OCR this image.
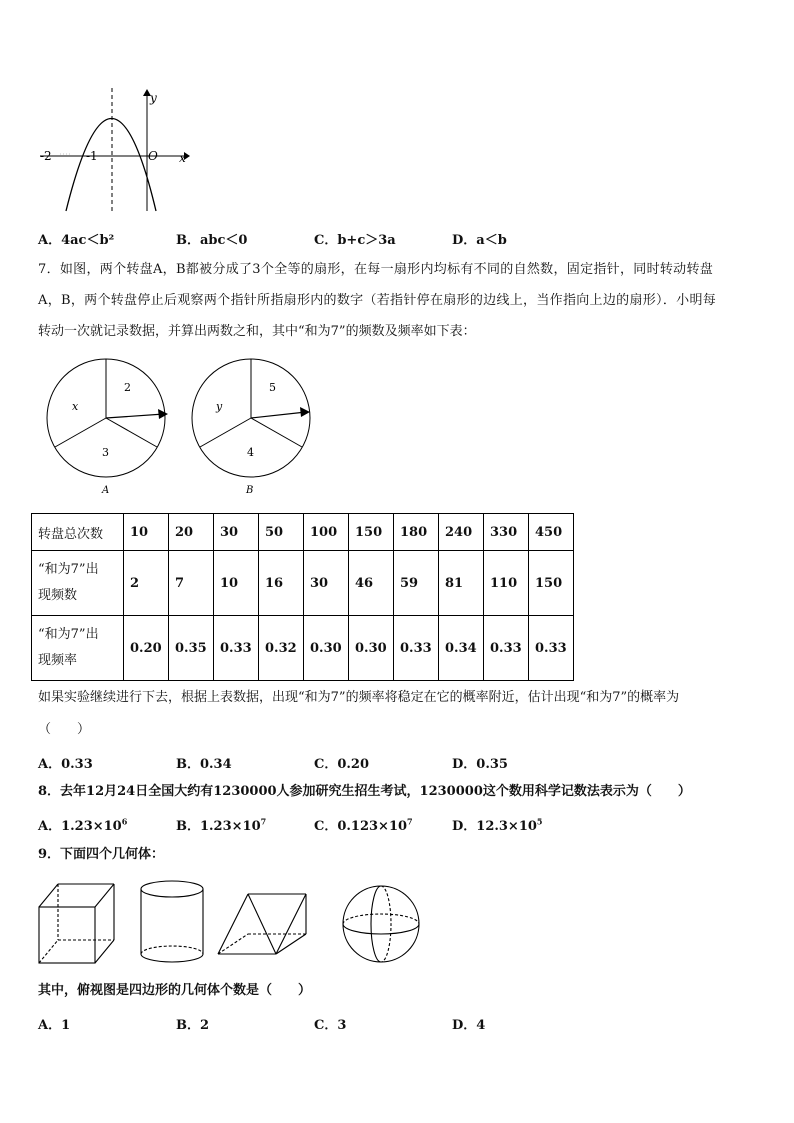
y
x
O
-2	-1
A．4ac＜b²	B．abc＜0	C．b+c＞3a	D．a＜b
7．如图，两个转盘A，B都被分成了3个全等的扇形，在每一扇形内均标有不同的自然数，固定指针，同时转动转盘
A，B，两个转盘停止后观察两个指针所指扇形内的数字（若指针停在扇形的边线上，当作指向上边的扇形）．小明每
转动一次就记录数据，并算出两数之和，其中“和为7”的频数及频率如下表：
2
x
3
A
5
y
4
B
转盘总次数	10	20	30	50	100	150	180	240	330	450
“和为7”出
现频数	2	7	10	16	30	46	59	81	110	150
“和为7”出
现频率	0.20	0.35	0.33	0.32	0.30	0.30	0.33	0.34	0.33	0.33
如果实验继续进行下去，根据上表数据，出现“和为7”的频率将稳定在它的概率附近，估计出现“和为7”的概率为
（　　）
A．0.33	B．0.34	C．0.20	D．0.35
8．去年12月24日全国大约有1230000人参加研究生招生考试，1230000这个数用科学记数法表示为（　　）
A．$1.23\times 10^6$	B．$1.23\times 10^7$	C．$0.123\times 10^7$	D．$12.3\times 10^5$
9．下面四个几何体：
其中，俯视图是四边形的几何体个数是（　　）
A．1	B．2	C．3	D．4
